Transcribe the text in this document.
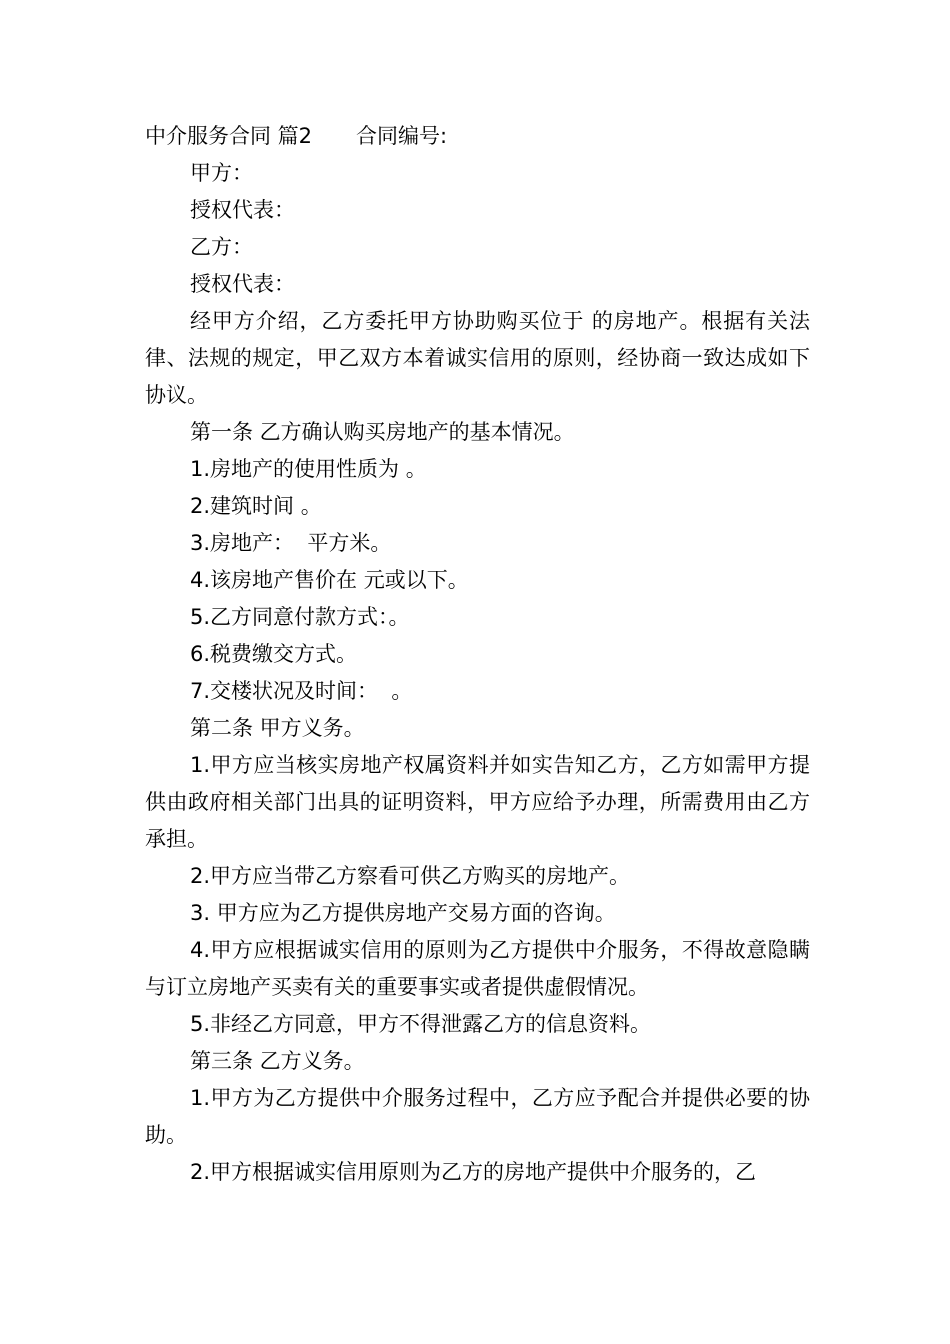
中介服务合同 篇2 合同编号:

甲方：

授权代表：

乙方：

授权代表：

经甲方介绍，乙方委托甲方协助购买位于 的房地产。根据有关法律、法规的规定，甲乙双方本着诚实信用的原则，经协商一致达成如下协议。

第一条 乙方确认购买房地产的基本情况。

1.房地产的使用性质为 。

2.建筑时间 。

3.房地产：  平方米。

4.该房地产售价在 元或以下。

5.乙方同意付款方式：。

6.税费缴交方式。

7.交楼状况及时间：  。

第二条 甲方义务。

1.甲方应当核实房地产权属资料并如实告知乙方，乙方如需甲方提供由政府相关部门出具的证明资料，甲方应给予办理，所需费用由乙方承担。

2.甲方应当带乙方察看可供乙方购买的房地产。

3. 甲方应为乙方提供房地产交易方面的咨询。

4.甲方应根据诚实信用的原则为乙方提供中介服务，不得故意隐瞒与订立房地产买卖有关的重要事实或者提供虚假情况。

5.非经乙方同意，甲方不得泄露乙方的信息资料。

第三条 乙方义务。

1.甲方为乙方提供中介服务过程中，乙方应予配合并提供必要的协助。

2.甲方根据诚实信用原则为乙方的房地产提供中介服务的，乙
